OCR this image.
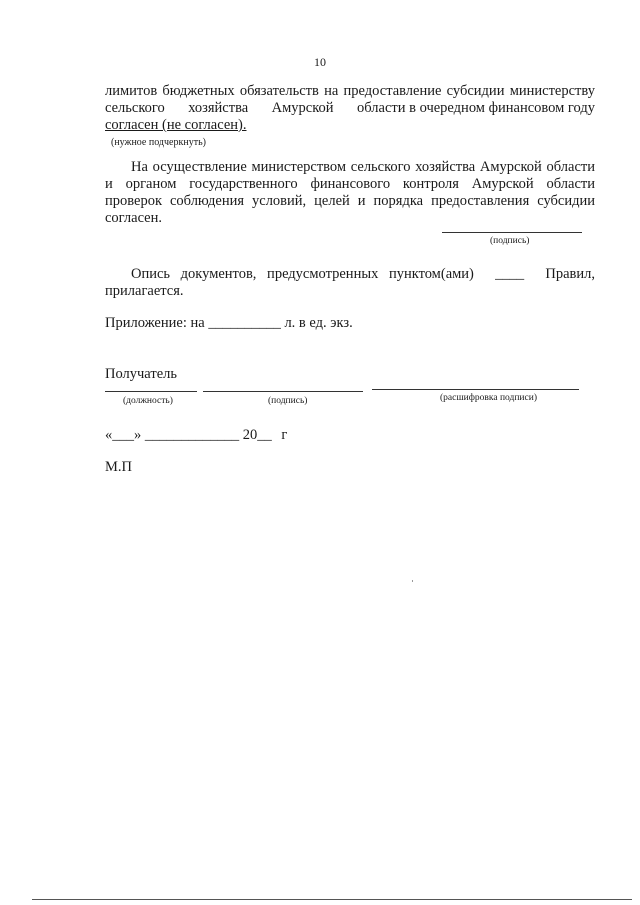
10
лимитов бюджетных обязательств на предоставление субсидии министерству
сельского хозяйства Амурской области в очередном финансовом году
согласен (не согласен).
(нужное подчеркнуть)
На осуществление министерством сельского хозяйства Амурской области
и органом государственного финансового контроля Амурской области
проверок соблюдения условий, целей и порядка предоставления субсидии
согласен.
(подпись)
Опись документов, предусмотренных пунктом(ами) ____ Правил,
прилагается.
Приложение: на __________ л. в ед. экз.
Получатель
(должность)	(подпись)	(расшифровка подписи)
«___» _____________ 20__ г
М.П
